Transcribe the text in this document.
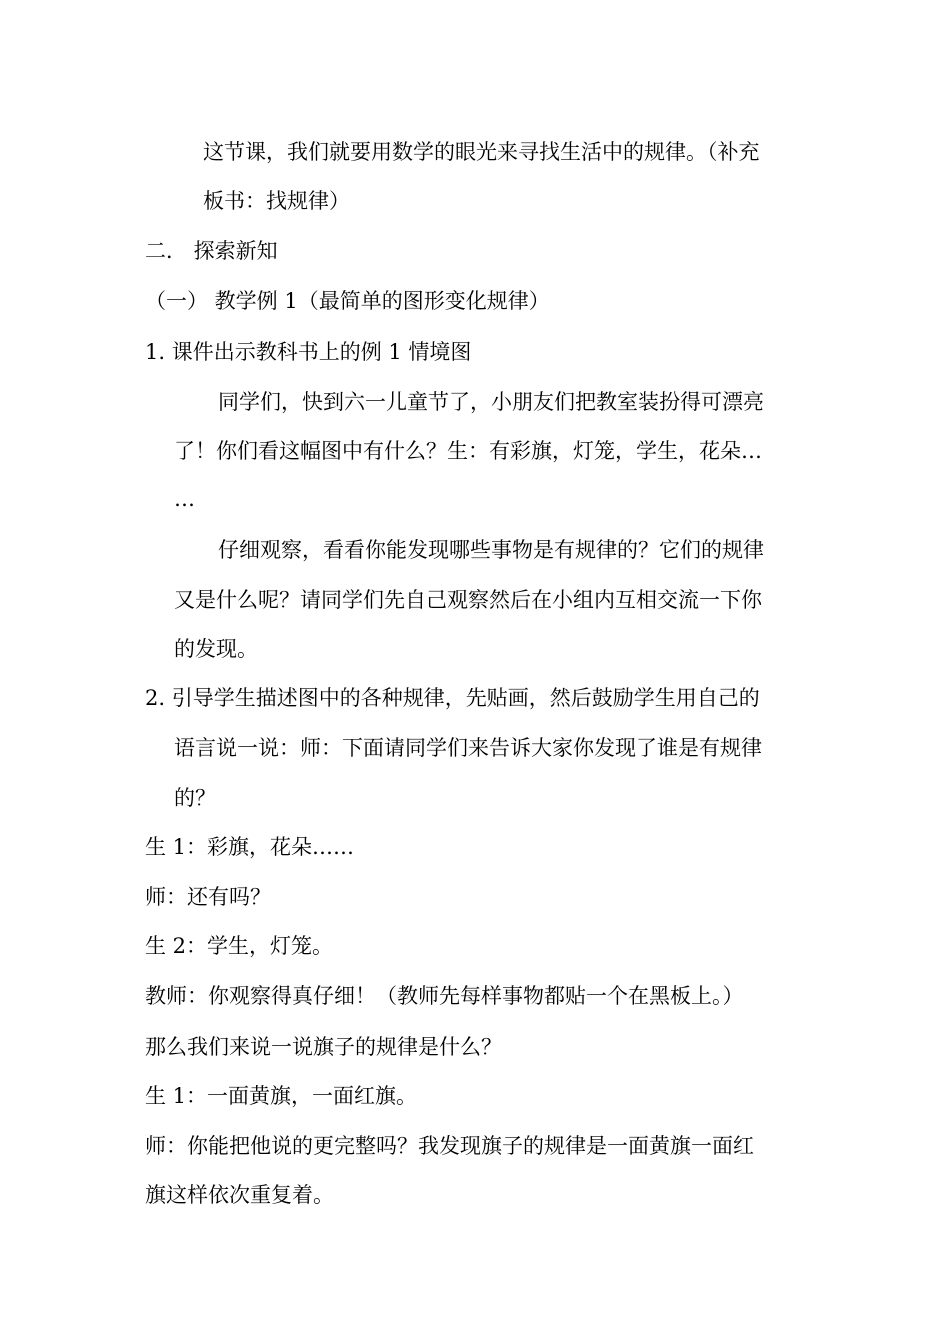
这节课，我们就要用数学的眼光来寻找生活中的规律。（补充
板书：找规律）
二． 探索新知
（一） 教学例 1（最简单的图形变化规律）
1. 课件出示教科书上的例 1 情境图
同学们，快到六一儿童节了，小朋友们把教室装扮得可漂亮
了！你们看这幅图中有什么？生：有彩旗，灯笼，学生，花朵…
…
仔细观察，看看你能发现哪些事物是有规律的？它们的规律
又是什么呢？请同学们先自己观察然后在小组内互相交流一下你
的发现。
2. 引导学生描述图中的各种规律，先贴画，然后鼓励学生用自己的
语言说一说：师：下面请同学们来告诉大家你发现了谁是有规律
的？
生 1：彩旗，花朵……
师：还有吗？
生 2：学生，灯笼。
教师：你观察得真仔细！（教师先每样事物都贴一个在黑板上。）
那么我们来说一说旗子的规律是什么？
生 1：一面黄旗，一面红旗。
师：你能把他说的更完整吗？我发现旗子的规律是一面黄旗一面红
旗这样依次重复着。
